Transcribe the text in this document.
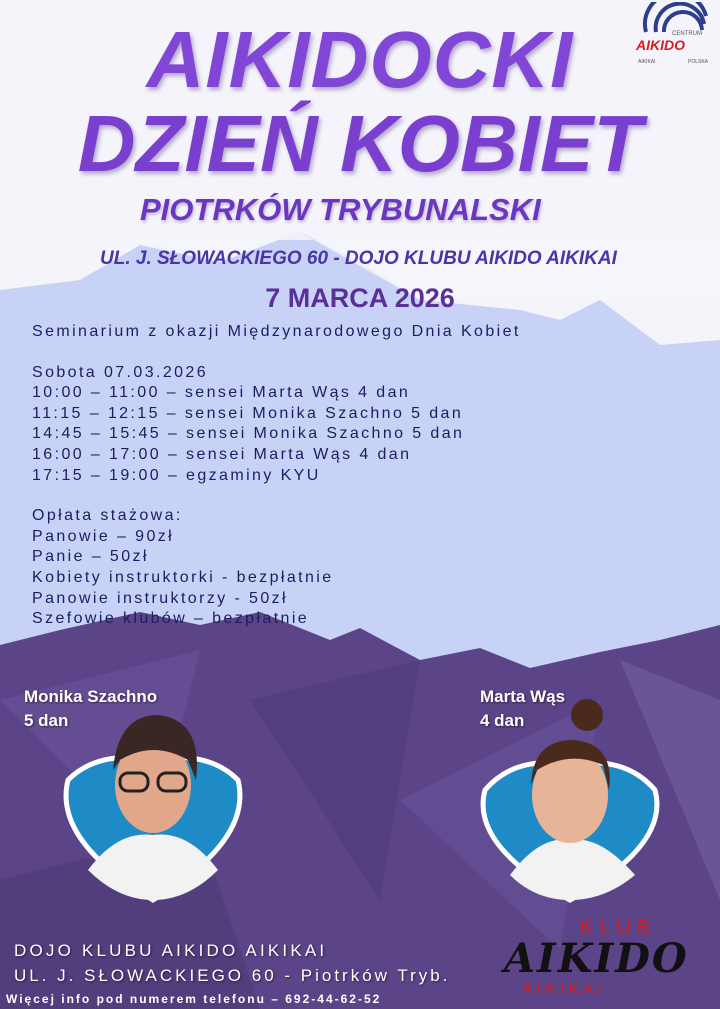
CENTRUM
AIKIDO
AIKIKAI	POLSKA
AIKIDOCKI
DZIEŃ KOBIET
PIOTRKÓW TRYBUNALSKI
UL. J. SŁOWACKIEGO 60 - DOJO KLUBU AIKIDO AIKIKAI
7 MARCA 2026
Seminarium z okazji Międzynarodowego Dnia Kobiet
Sobota 07.03.2026
10:00 – 11:00 – sensei Marta Wąs 4 dan
11:15 – 12:15 – sensei Monika Szachno 5 dan
14:45 – 15:45 – sensei Monika Szachno 5 dan
16:00 – 17:00 – sensei Marta Wąs 4 dan
17:15 – 19:00 – egzaminy KYU
Opłata stażowa:
Panowie – 90zł
Panie – 50zł
Kobiety instruktorki - bezpłatnie
Panowie instruktorzy - 50zł
Szefowie klubów – bezpłatnie
Monika Szachno
5 dan
Marta Wąs
4 dan
DOJO KLUBU AIKIDO AIKIKAI
UL. J. SŁOWACKIEGO 60 - Piotrków Tryb.
Więcej info pod numerem telefonu – 692-44-62-52
KLUB
AIKIDO
AIKIKAI
